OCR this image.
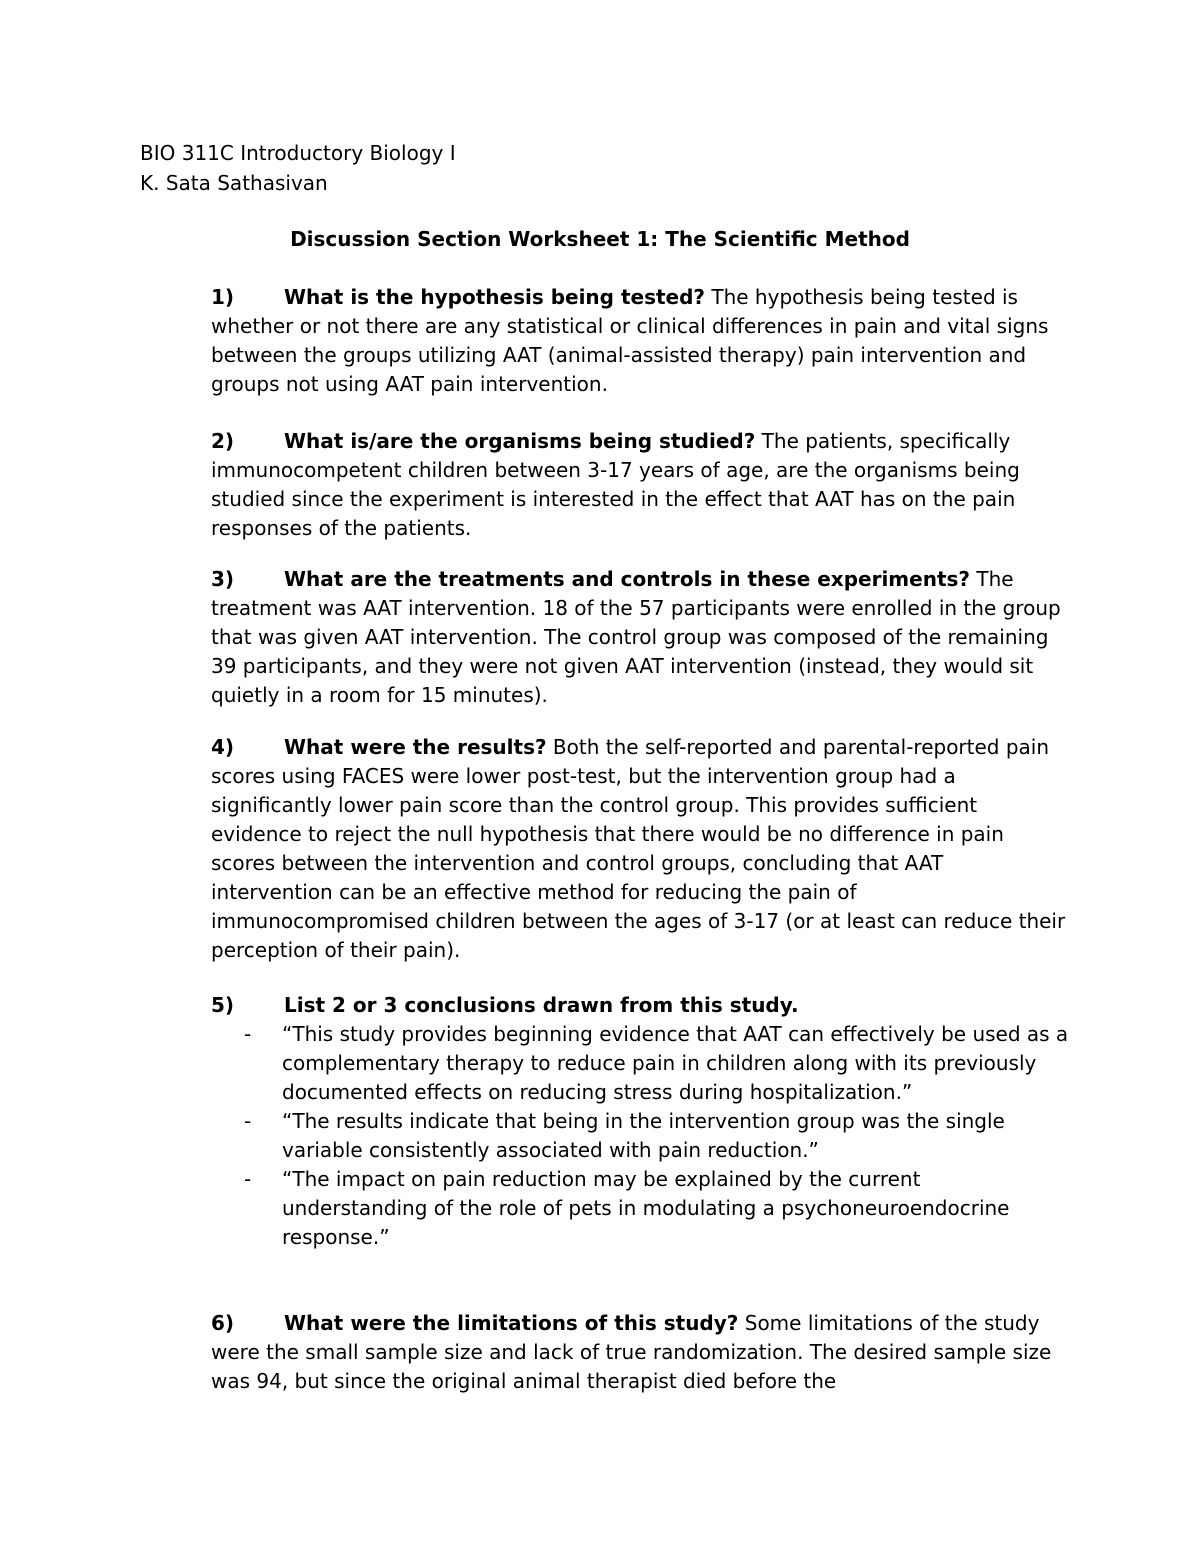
BIO 311C Introductory Biology I
K. Sata Sathasivan
Discussion Section Worksheet 1: The Scientific Method
1)	What is the hypothesis being tested? The hypothesis being tested is whether or not there are any statistical or clinical differences in pain and vital signs between the groups utilizing AAT (animal-assisted therapy) pain intervention and groups not using AAT pain intervention.

2)	What is/are the organisms being studied? The patients, specifically immunocompetent children between 3-17 years of age, are the organisms being studied since the experiment is interested in the effect that AAT has on the pain responses of the patients.

3)	What are the treatments and controls in these experiments? The treatment was AAT intervention. 18 of the 57 participants were enrolled in the group that was given AAT intervention. The control group was composed of the remaining 39 participants, and they were not given AAT intervention (instead, they would sit quietly in a room for 15 minutes).

4)	What were the results? Both the self-reported and parental-reported pain scores using FACES were lower post-test, but the intervention group had a significantly lower pain score than the control group. This provides sufficient evidence to reject the null hypothesis that there would be no difference in pain scores between the intervention and control groups, concluding that AAT intervention can be an effective method for reducing the pain of immunocompromised children between the ages of 3-17 (or at least can reduce their perception of their pain).

5)	List 2 or 3 conclusions drawn from this study.

- “This study provides beginning evidence that AAT can effectively be used as a complementary therapy to reduce pain in children along with its previously documented effects on reducing stress during hospitalization.”
- “The results indicate that being in the intervention group was the single variable consistently associated with pain reduction.”
- “The impact on pain reduction may be explained by the current understanding of the role of pets in modulating a psychoneuroendocrine response.”
6)	What were the limitations of this study? Some limitations of the study were the small sample size and lack of true randomization. The desired sample size was 94, but since the original animal therapist died before the
